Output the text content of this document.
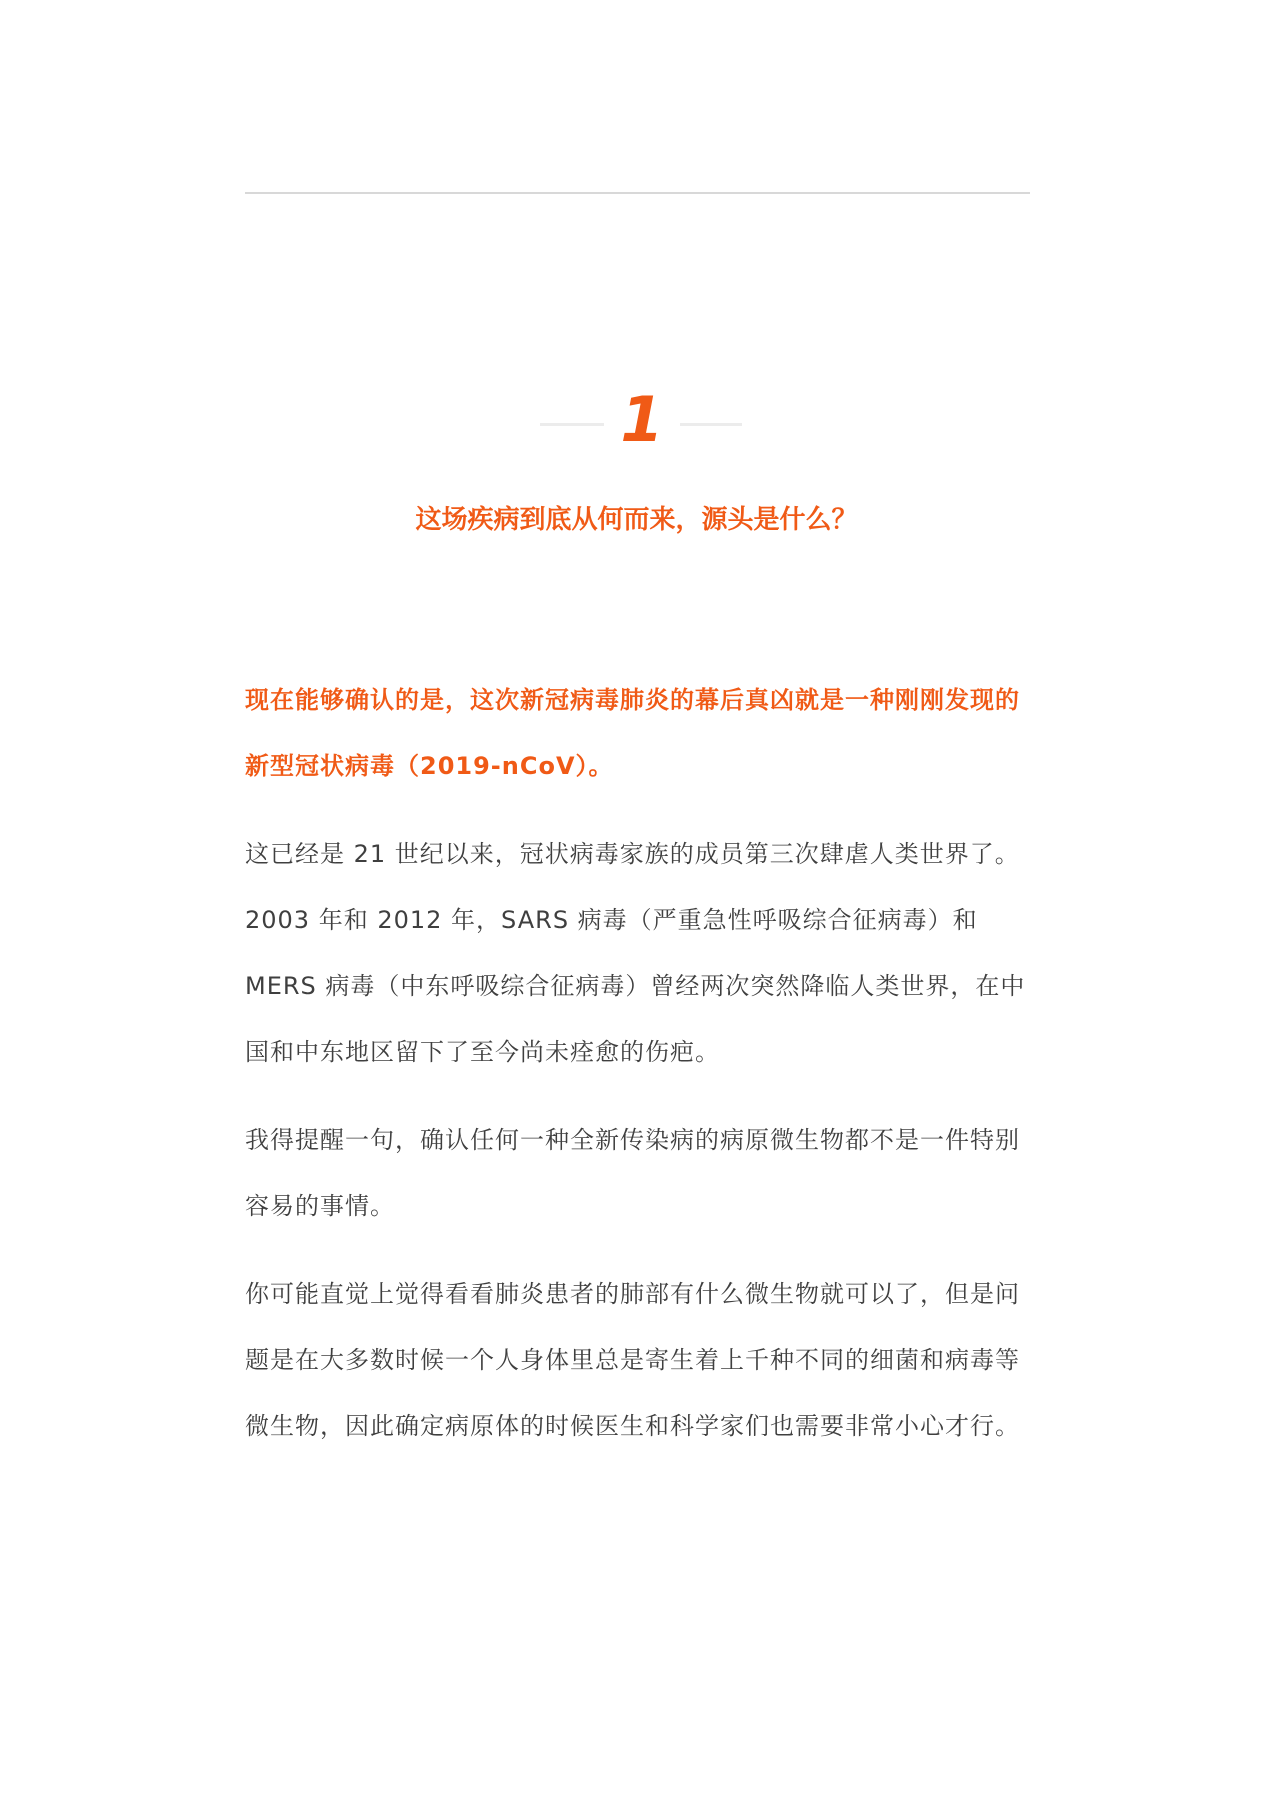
1
这场疾病到底从何而来，源头是什么？

现在能够确认的是，这次新冠病毒肺炎的幕后真凶就是一种刚刚发现的新型冠状病毒（2019-nCoV）。

这已经是 21 世纪以来，冠状病毒家族的成员第三次肆虐人类世界了。2003 年和 2012 年，SARS 病毒（严重急性呼吸综合征病毒）和 MERS 病毒（中东呼吸综合征病毒）曾经两次突然降临人类世界，在中国和中东地区留下了至今尚未痊愈的伤疤。

我得提醒一句，确认任何一种全新传染病的病原微生物都不是一件特别容易的事情。

你可能直觉上觉得看看肺炎患者的肺部有什么微生物就可以了，但是问题是在大多数时候一个人身体里总是寄生着上千种不同的细菌和病毒等微生物，因此确定病原体的时候医生和科学家们也需要非常小心才行。
